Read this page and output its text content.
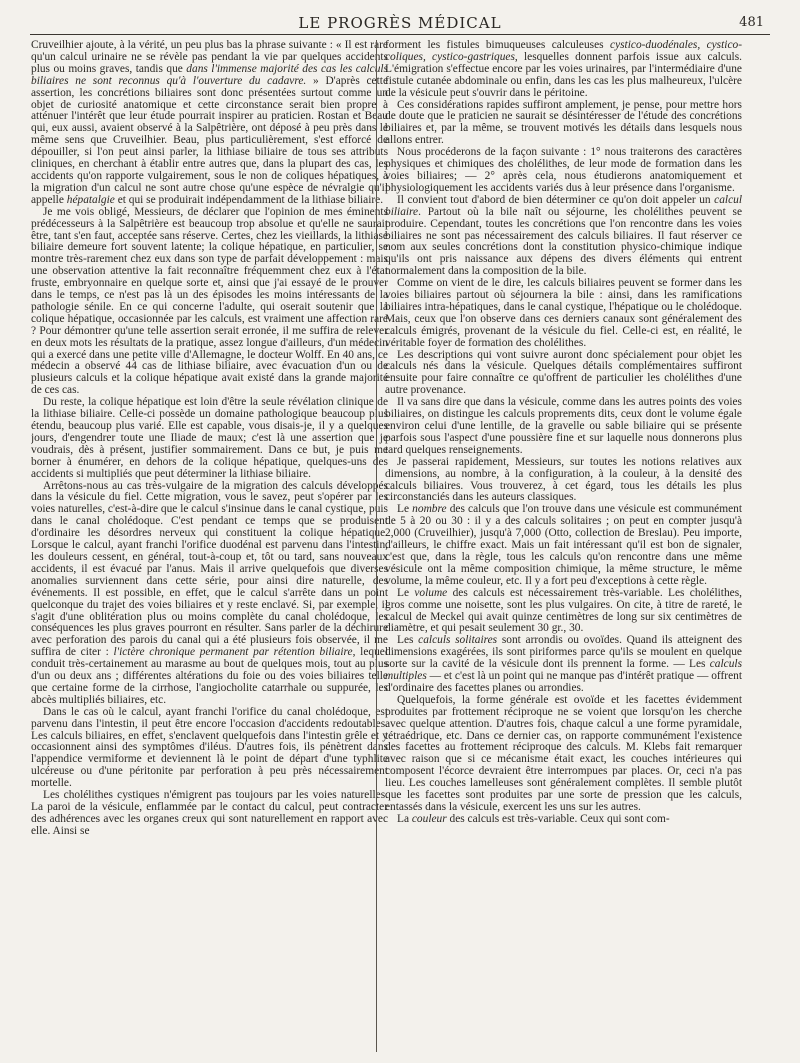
LE PROGRÈS MÉDICAL	481

Cruveilhier ajoute, à la vérité, un peu plus bas la phrase suivante : « Il est rare qu'un calcul urinaire ne se révèle pas pendant la vie par quelques accidents plus ou moins graves, tandis que dans l'immense majorité des cas les calculs biliaires ne sont reconnus qu'à l'ouverture du cadavre. » D'après cette assertion, les concrétions biliaires sont donc présentées surtout comme un objet de curiosité anatomique et cette circonstance serait bien propre à atténuer l'intérêt que leur étude pourrait inspirer au praticien. Rostan et Beau qui, eux aussi, avaient observé à la Salpêtrière, ont déposé à peu près dans le même sens que Cruveilhier. Beau, plus particulièrement, s'est efforcé de dépouiller, si l'on peut ainsi parler, la lithiase biliaire de tous ses attributs cliniques, en cherchant à établir entre autres que, dans la plupart des cas, les accidents qu'on rapporte vulgairement, sous le non de coliques hépatiques, à la migration d'un calcul ne sont autre chose qu'une espèce de névralgie qu'il appelle hépatalgie et qui se produirait indépendamment de la lithiase biliaire.

Je me vois obligé, Messieurs, de déclarer que l'opinion de mes éminents prédécesseurs à la Salpêtrière est beaucoup trop absolue et qu'elle ne saurait être, tant s'en faut, acceptée sans réserve. Certes, chez les vieillards, la lithiase biliaire demeure fort souvent latente; la colique hépatique, en particulier, se montre très-rarement chez eux dans son type de parfait développement : mais une observation attentive la fait reconnaître fréquemment chez eux à l'état fruste, embryonnaire en quelque sorte et, ainsi que j'ai essayé de le prouver dans le temps, ce n'est pas là un des épisodes les moins intéressants de la pathologie sénile. En ce qui concerne l'adulte, qui oserait soutenir que la colique hépatique, occasionnée par les calculs, est vraiment une affection rare ? Pour démontrer qu'une telle assertion serait erronée, il me suffira de relever en deux mots les résultats de la pratique, assez longue d'ailleurs, d'un médecin qui a exercé dans une petite ville d'Allemagne, le docteur Wolff. En 40 ans, ce médecin a observé 44 cas de lithiase biliaire, avec évacuation d'un ou de plusieurs calculs et la colique hépatique avait existé dans la grande majorité de ces cas.

Du reste, la colique hépatique est loin d'être la seule révélation clinique de la lithiase biliaire. Celle-ci possède un domaine pathologique beaucoup plus étendu, beaucoup plus varié. Elle est capable, vous disais-je, il y a quelques jours, d'engendrer toute une Iliade de maux; c'est là une assertion que je voudrais, dès à présent, justifier sommairement. Dans ce but, je puis me borner à énumérer, en dehors de la colique hépatique, quelques-uns des accidents si multipliés que peut déterminer la lithiase biliaire.

Arrêtons-nous au cas très-vulgaire de la migration des calculs développés dans la vésicule du fiel. Cette migration, vous le savez, peut s'opérer par les voies naturelles, c'est-à-dire que le calcul s'insinue dans le canal cystique, puis dans le canal cholédoque. C'est pendant ce temps que se produisent d'ordinaire les désordres nerveux qui constituent la colique hépatique. Lorsque le calcul, ayant franchi l'orifice duodénal est parvenu dans l'intestin, les douleurs cessent, en général, tout-à-coup et, tôt ou tard, sans nouveaux accidents, il est évacué par l'anus. Mais il arrive quelquefois que diverses anomalies surviennent dans cette série, pour ainsi dire naturelle, des événements. Il est possible, en effet, que le calcul s'arrête dans un point quelconque du trajet des voies biliaires et y reste enclavé. Si, par exemple, il s'agit d'une oblitération plus ou moins complète du canal cholédoque, les conséquences les plus graves pourront en résulter. Sans parler de la déchirure avec perforation des parois du canal qui a été plusieurs fois observée, il me suffira de citer : l'ictère chronique permanent par rétention biliaire, lequel conduit très-certainement au marasme au bout de quelques mois, tout au plus d'un ou deux ans ; différentes altérations du foie ou des voies biliaires telle que certaine forme de la cirrhose, l'angiocholite catarrhale ou suppurée, les abcès multipliés biliaires, etc.

Dans le cas où le calcul, ayant franchi l'orifice du canal cholédoque, est parvenu dans l'intestin, il peut être encore l'occasion d'accidents redoutables. Les calculs biliaires, en effet, s'enclavent quelquefois dans l'intestin grêle et y occasionnent ainsi des symptômes d'iléus. D'autres fois, ils pénètrent dans l'appendice vermiforme et deviennent là le point de départ d'une typhlite ulcéreuse ou d'une péritonite par perforation à peu près nécessairement mortelle.

Les cholélithes cystiques n'émigrent pas toujours par les voies naturelles. La paroi de la vésicule, enflammée par le contact du calcul, peut contracter des adhérences avec les organes creux qui sont naturellement en rapport avec elle. Ainsi se

forment les fistules bimuqueuses calculeuses cystico-duodénales, cystico-coliques, cystico-gastriques, lesquelles donnent parfois issue aux calculs. L'émigration s'effectue encore par les voies urinaires, par l'intermédiaire d'une fistule cutanée abdominale ou enfin, dans les cas les plus malheureux, l'ulcère de la vésicule peut s'ouvrir dans le péritoine.

Ces considérations rapides suffiront amplement, je pense, pour mettre hors de doute que le praticien ne saurait se désintéresser de l'étude des concrétions biliaires et, par la même, se trouvent motivés les détails dans lesquels nous allons entrer.

Nous procéderons de la façon suivante : 1° nous traiterons des caractères physiques et chimiques des cholélithes, de leur mode de formation dans les voies biliaires; — 2° après cela, nous étudierons anatomiquement et physiologiquement les accidents variés dus à leur présence dans l'organisme.

Il convient tout d'abord de bien déterminer ce qu'on doit appeler un calcul biliaire. Partout où la bile naît ou séjourne, les cholélithes peuvent se produire. Cependant, toutes les concrétions que l'on rencontre dans les voies biliaires ne sont pas nécessairement des calculs biliaires. Il faut réserver ce nom aux seules concrétions dont la constitution physico-chimique indique qu'ils ont pris naissance aux dépens des divers éléments qui entrent normalement dans la composition de la bile.

Comme on vient de le dire, les calculs biliaires peuvent se former dans les voies biliaires partout où séjournera la bile : ainsi, dans les ramifications biliaires intra-hépatiques, dans le canal cystique, l'hépatique ou le cholédoque. Mais, ceux que l'on observe dans ces derniers canaux sont généralement des calculs émigrés, provenant de la vésicule du fiel. Celle-ci est, en réalité, le véritable foyer de formation des cholélithes.

Les descriptions qui vont suivre auront donc spécialement pour objet les calculs nés dans la vésicule. Quelques détails complémentaires suffiront ensuite pour faire connaître ce qu'offrent de particulier les cholélithes d'une autre provenance.

Il va sans dire que dans la vésicule, comme dans les autres points des voies biliaires, on distingue les calculs proprements dits, ceux dont le volume égale environ celui d'une lentille, de la gravelle ou sable biliaire qui se présente parfois sous l'aspect d'une poussière fine et sur laquelle nous donnerons plus tard quelques renseignements.

Je passerai rapidement, Messieurs, sur toutes les notions relatives aux dimensions, au nombre, à la configuration, à la couleur, à la densité des calculs biliaires. Vous trouverez, à cet égard, tous les détails les plus circonstanciés dans les auteurs classiques.

Le nombre des calculs que l'on trouve dans une vésicule est communément de 5 à 20 ou 30 : il y a des calculs solitaires ; on peut en compter jusqu'à 2,000 (Cruveilhier), jusqu'à 7,000 (Otto, collection de Breslau). Peu importe, d'ailleurs, le chiffre exact. Mais un fait intéressant qu'il est bon de signaler, c'est que, dans la règle, tous les calculs qu'on rencontre dans une même vésicule ont la même composition chimique, la même structure, le même volume, la même couleur, etc. Il y a fort peu d'exceptions à cette règle.

Le volume des calculs est nécessairement très-variable. Les cholélithes, gros comme une noisette, sont les plus vulgaires. On cite, à titre de rareté, le calcul de Meckel qui avait quinze centimètres de long sur six centimètres de diamètre, et qui pesait seulement 30 gr., 30.

Les calculs solitaires sont arrondis ou ovoïdes. Quand ils atteignent des dimensions exagérées, ils sont piriformes parce qu'ils se moulent en quelque sorte sur la cavité de la vésicule dont ils prennent la forme. — Les calculs multiples — et c'est là un point qui ne manque pas d'intérêt pratique — offrent d'ordinaire des facettes planes ou arrondies.

Quelquefois, la forme générale est ovoïde et les facettes évidemment produites par frottement réciproque ne se voient que lorsqu'on les cherche avec quelque attention. D'autres fois, chaque calcul a une forme pyramidale, tétraédrique, etc. Dans ce dernier cas, on rapporte communément l'existence des facettes au frottement réciproque des calculs. M. Klebs fait remarquer avec raison que si ce mécanisme était exact, les couches intérieures qui composent l'écorce devraient être interrompues par places. Or, ceci n'a pas lieu. Les couches lamelleuses sont généralement complètes. Il semble plutôt que les facettes sont produites par une sorte de pression que les calculs, entassés dans la vésicule, exercent les uns sur les autres.

La couleur des calculs est très-variable. Ceux qui sont com-
